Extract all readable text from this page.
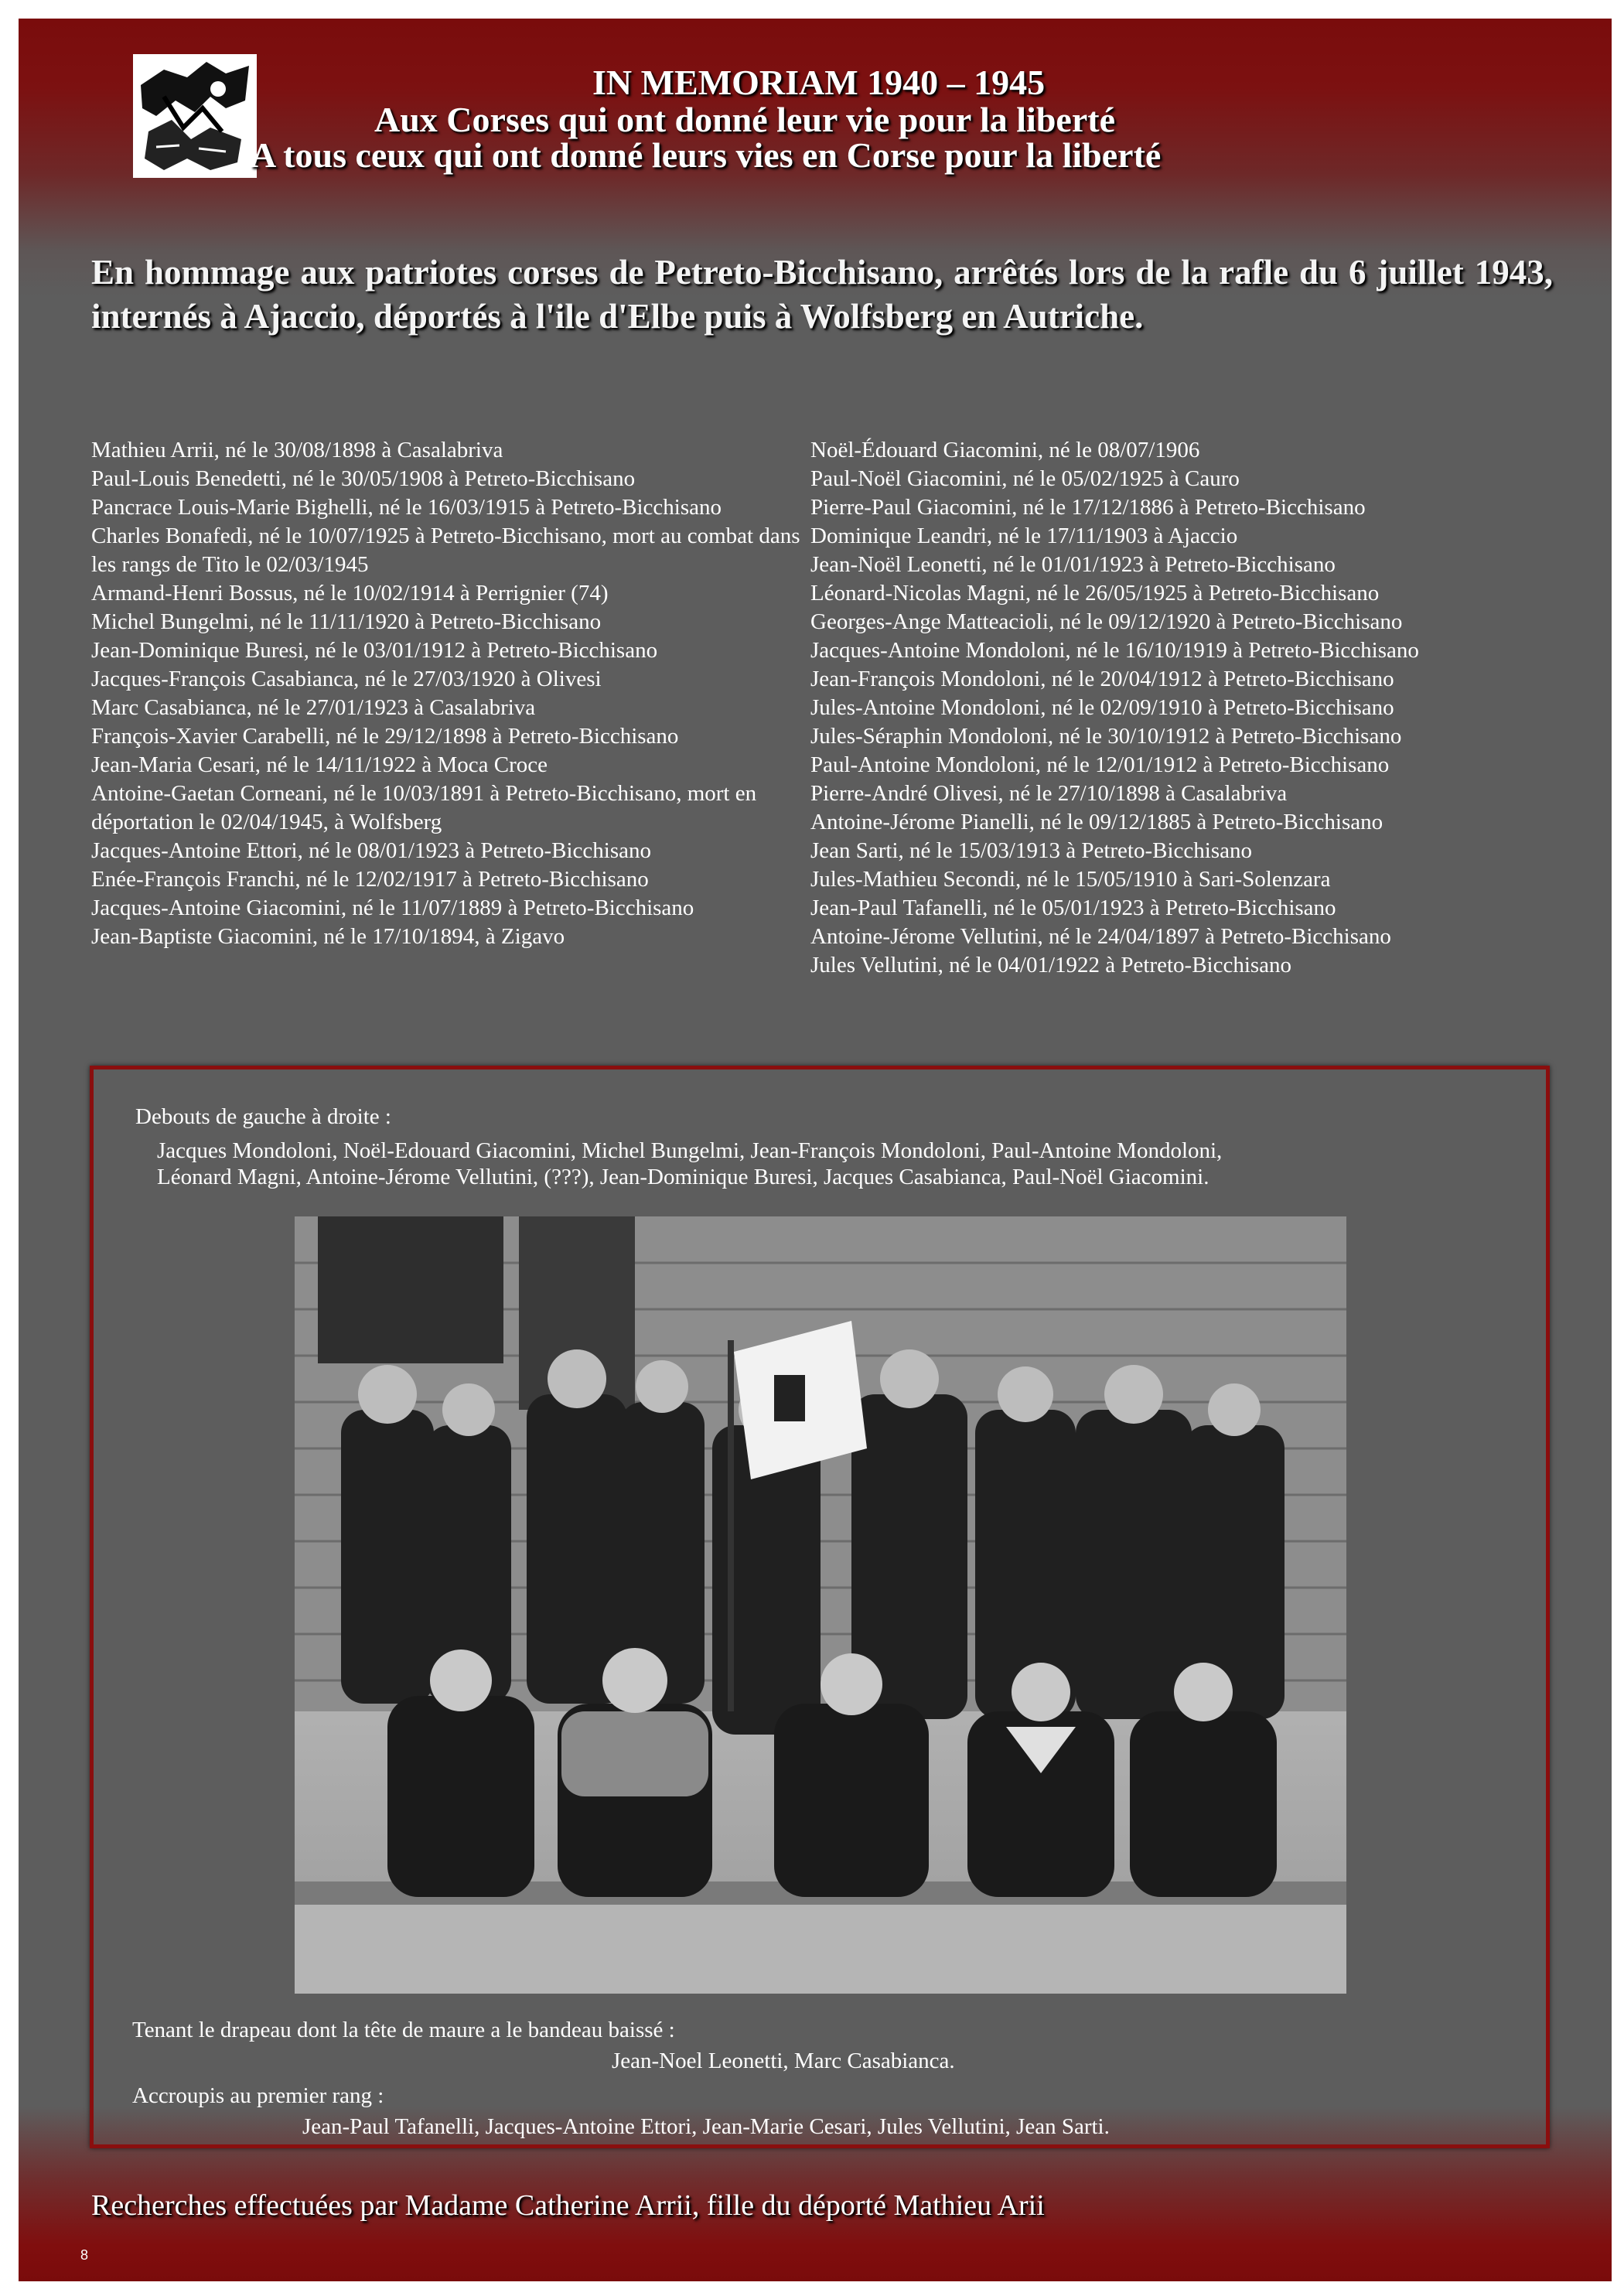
IN MEMORIAM 1940 – 1945
Aux Corses qui ont donné leur vie pour la liberté
A tous ceux qui ont donné leurs vies en Corse pour la liberté
En hommage aux patriotes corses de Petreto-Bicchisano, arrêtés lors de la rafle du 6 juillet 1943, internés à Ajaccio, déportés à l'ile d'Elbe puis à Wolfsberg en Autriche.
Mathieu Arrii, né le 30/08/1898 à Casalabriva
Paul-Louis Benedetti, né le 30/05/1908 à Petreto-Bicchisano
Pancrace Louis-Marie Bighelli, né le 16/03/1915 à Petreto-Bicchisano
Charles Bonafedi, né le 10/07/1925 à Petreto-Bicchisano, mort au combat dans les rangs de Tito le 02/03/1945
Armand-Henri Bossus, né le 10/02/1914 à Perrignier (74)
Michel Bungelmi, né le 11/11/1920 à Petreto-Bicchisano
Jean-Dominique Buresi, né le 03/01/1912 à Petreto-Bicchisano
Jacques-François Casabianca, né le 27/03/1920 à Olivesi
Marc Casabianca, né le 27/01/1923 à Casalabriva
François-Xavier Carabelli, né le 29/12/1898 à Petreto-Bicchisano
Jean-Maria Cesari, né le 14/11/1922 à Moca Croce
Antoine-Gaetan Corneani, né le 10/03/1891 à Petreto-Bicchisano, mort en déportation le 02/04/1945, à Wolfsberg
Jacques-Antoine Ettori, né le 08/01/1923 à Petreto-Bicchisano
Enée-François Franchi, né le 12/02/1917 à Petreto-Bicchisano
Jacques-Antoine Giacomini, né le 11/07/1889 à Petreto-Bicchisano
Jean-Baptiste Giacomini, né le 17/10/1894, à Zigavo
Noël-Édouard Giacomini, né le 08/07/1906
Paul-Noël Giacomini, né le 05/02/1925 à Cauro
Pierre-Paul Giacomini, né le 17/12/1886 à Petreto-Bicchisano
Dominique Leandri, né le 17/11/1903 à Ajaccio
Jean-Noël Leonetti, né le 01/01/1923 à Petreto-Bicchisano
Léonard-Nicolas Magni, né le 26/05/1925 à Petreto-Bicchisano
Georges-Ange Matteacioli, né le 09/12/1920 à Petreto-Bicchisano
Jacques-Antoine Mondoloni, né le 16/10/1919 à Petreto-Bicchisano
Jean-François Mondoloni, né le 20/04/1912 à Petreto-Bicchisano
Jules-Antoine Mondoloni, né le 02/09/1910 à Petreto-Bicchisano
Jules-Séraphin Mondoloni, né le 30/10/1912 à Petreto-Bicchisano
Paul-Antoine Mondoloni, né le 12/01/1912 à Petreto-Bicchisano
Pierre-André Olivesi, né le 27/10/1898 à Casalabriva
Antoine-Jérome Pianelli, né le 09/12/1885 à Petreto-Bicchisano
Jean Sarti, né le 15/03/1913 à Petreto-Bicchisano
Jules-Mathieu Secondi, né le 15/05/1910 à Sari-Solenzara
Jean-Paul Tafanelli, né le 05/01/1923 à Petreto-Bicchisano
Antoine-Jérome Vellutini, né le 24/04/1897 à Petreto-Bicchisano
Jules Vellutini, né le 04/01/1922 à Petreto-Bicchisano
Debouts de gauche à droite :
Jacques Mondoloni, Noël-Edouard Giacomini, Michel Bungelmi, Jean-François Mondoloni, Paul-Antoine Mondoloni,
Léonard Magni, Antoine-Jérome Vellutini, (???), Jean-Dominique Buresi, Jacques Casabianca, Paul-Noël Giacomini.
Tenant le drapeau dont la tête de maure a le bandeau baissé :
Jean-Noel Leonetti, Marc Casabianca.
Accroupis au premier rang :
Jean-Paul Tafanelli, Jacques-Antoine Ettori, Jean-Marie Cesari, Jules Vellutini, Jean Sarti.
Recherches effectuées par Madame Catherine Arrii, fille du déporté Mathieu Arii
8
